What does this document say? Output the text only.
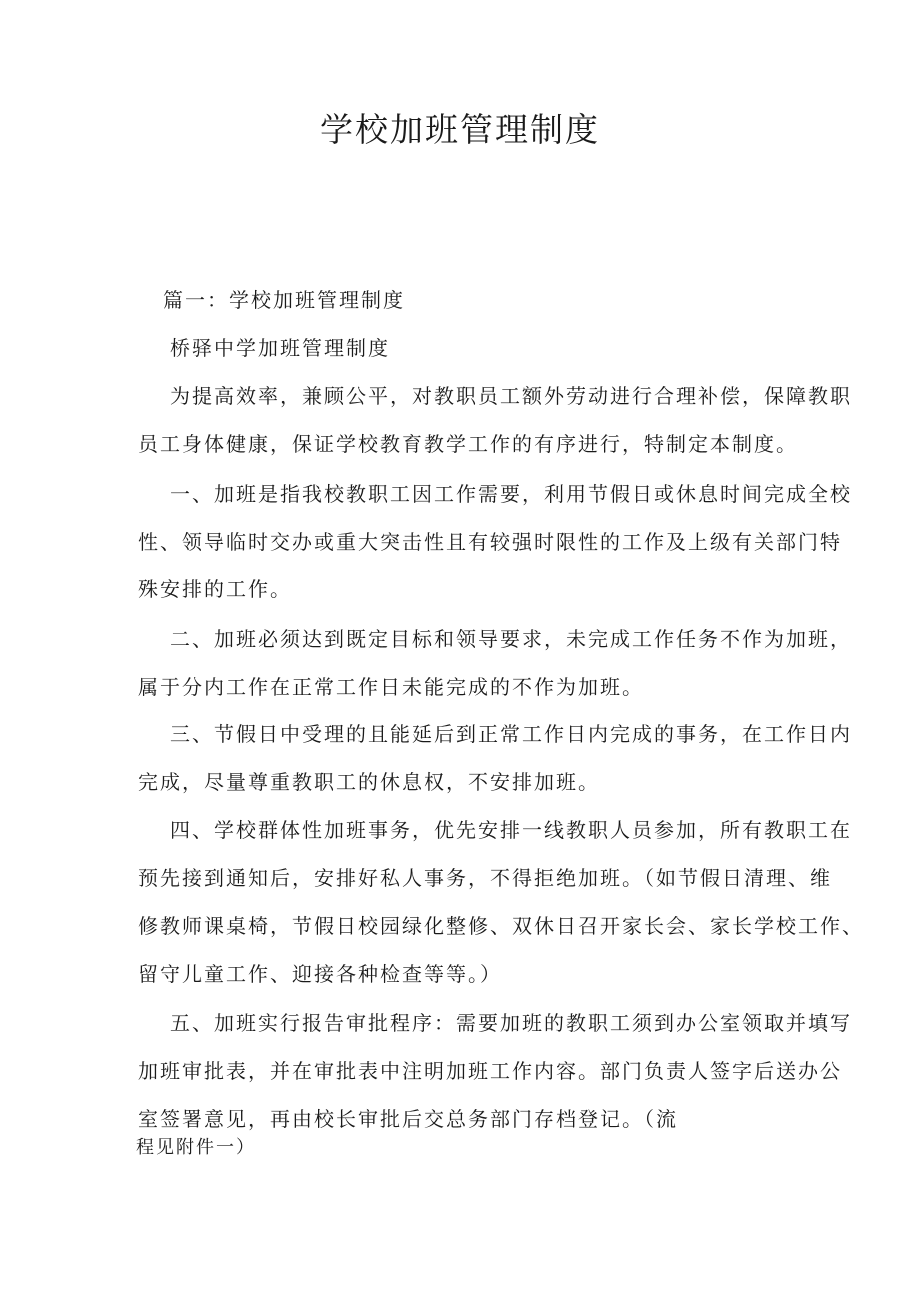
学校加班管理制度

篇一：学校加班管理制度

桥驿中学加班管理制度

为提高效率，兼顾公平，对教职员工额外劳动进行合理补偿，保障教职

员工身体健康，保证学校教育教学工作的有序进行，特制定本制度。

一、加班是指我校教职工因工作需要，利用节假日或休息时间完成全校

性、领导临时交办或重大突击性且有较强时限性的工作及上级有关部门特

殊安排的工作。

二、加班必须达到既定目标和领导要求，未完成工作任务不作为加班，

属于分内工作在正常工作日未能完成的不作为加班。

三、节假日中受理的且能延后到正常工作日内完成的事务，在工作日内

完成，尽量尊重教职工的休息权，不安排加班。

四、学校群体性加班事务，优先安排一线教职人员参加，所有教职工在

预先接到通知后，安排好私人事务，不得拒绝加班。（如节假日清理、维

修教师课桌椅，节假日校园绿化整修、双休日召开家长会、家长学校工作、

留守儿童工作、迎接各种检查等等。）

五、加班实行报告审批程序：需要加班的教职工须到办公室领取并填写

加班审批表，并在审批表中注明加班工作内容。部门负责人签字后送办公

室签署意见，再由校长审批后交总务部门存档登记。（流

程见附件一）
